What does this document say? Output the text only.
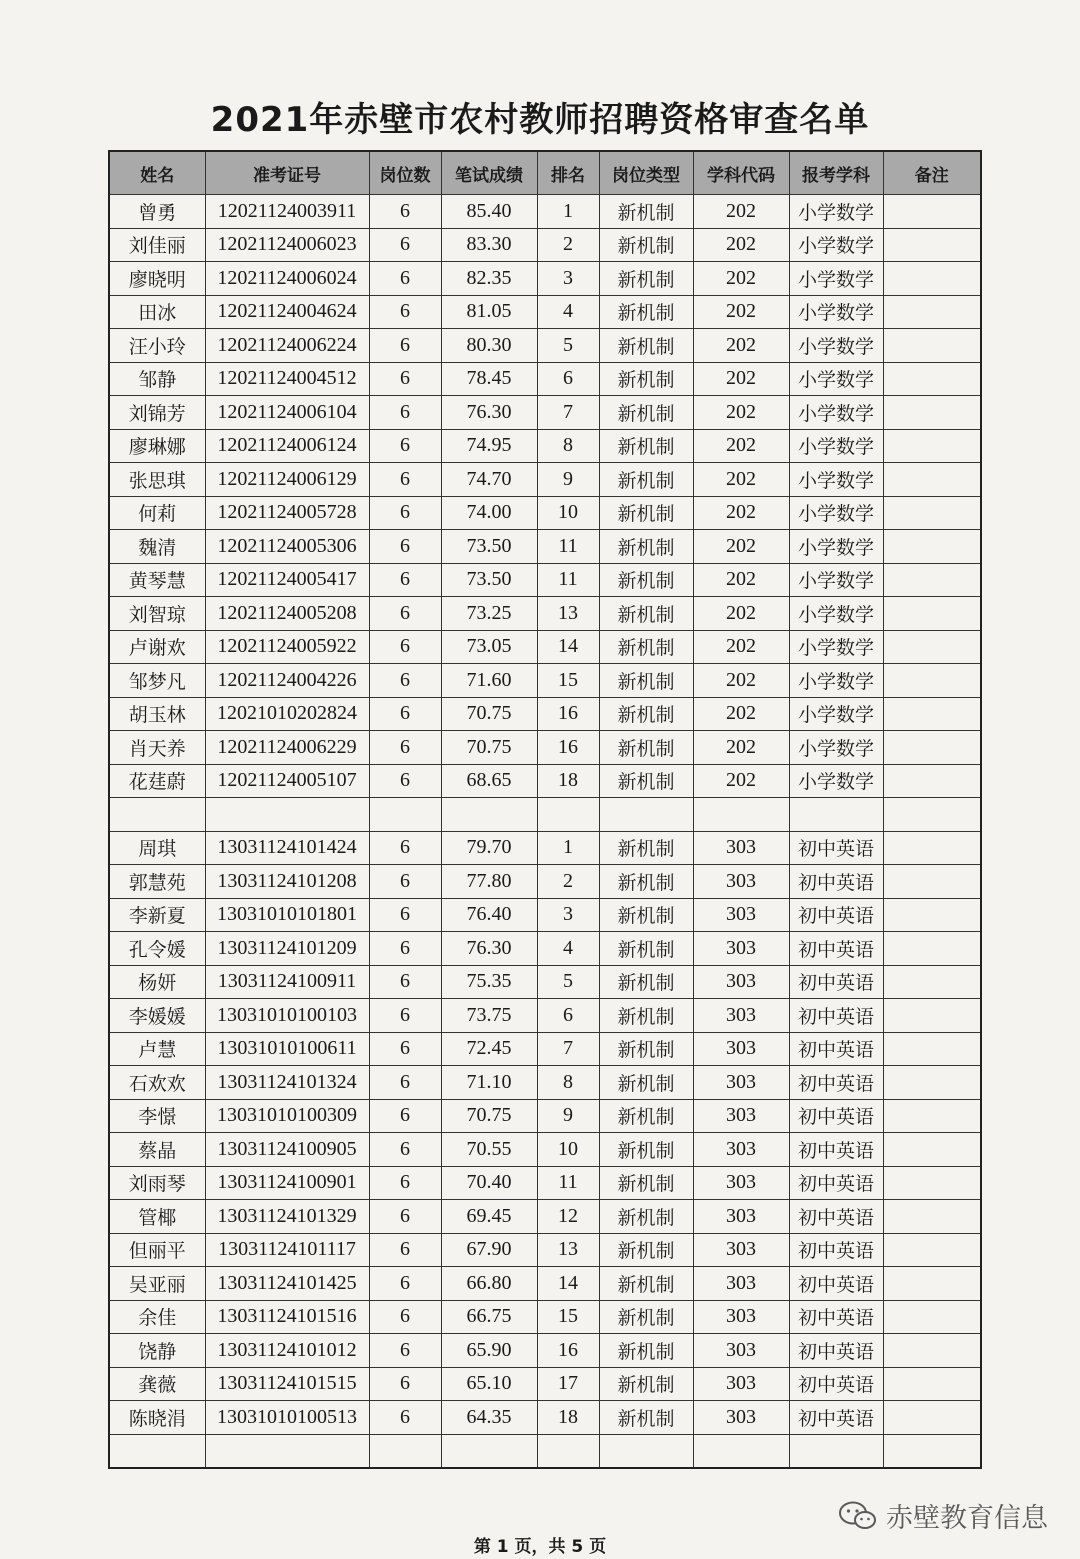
2021年赤壁市农村教师招聘资格审查名单
姓名	准考证号	岗位数	笔试成绩	排名	岗位类型	学科代码	报考学科	备注
曾勇	12021124003911	6	85.40	1	新机制	202	小学数学	
刘佳丽	12021124006023	6	83.30	2	新机制	202	小学数学	
廖晓明	12021124006024	6	82.35	3	新机制	202	小学数学	
田冰	12021124004624	6	81.05	4	新机制	202	小学数学	
汪小玲	12021124006224	6	80.30	5	新机制	202	小学数学	
邹静	12021124004512	6	78.45	6	新机制	202	小学数学	
刘锦芳	12021124006104	6	76.30	7	新机制	202	小学数学	
廖琳娜	12021124006124	6	74.95	8	新机制	202	小学数学	
张思琪	12021124006129	6	74.70	9	新机制	202	小学数学	
何莉	12021124005728	6	74.00	10	新机制	202	小学数学	
魏清	12021124005306	6	73.50	11	新机制	202	小学数学	
黄琴慧	12021124005417	6	73.50	11	新机制	202	小学数学	
刘智琼	12021124005208	6	73.25	13	新机制	202	小学数学	
卢谢欢	12021124005922	6	73.05	14	新机制	202	小学数学	
邹梦凡	12021124004226	6	71.60	15	新机制	202	小学数学	
胡玉林	12021010202824	6	70.75	16	新机制	202	小学数学	
肖天养	12021124006229	6	70.75	16	新机制	202	小学数学	
花莛蔚	12021124005107	6	68.65	18	新机制	202	小学数学	

周琪	13031124101424	6	79.70	1	新机制	303	初中英语	
郭慧苑	13031124101208	6	77.80	2	新机制	303	初中英语	
李新夏	13031010101801	6	76.40	3	新机制	303	初中英语	
孔令媛	13031124101209	6	76.30	4	新机制	303	初中英语	
杨妍	13031124100911	6	75.35	5	新机制	303	初中英语	
李媛媛	13031010100103	6	73.75	6	新机制	303	初中英语	
卢慧	13031010100611	6	72.45	7	新机制	303	初中英语	
石欢欢	13031124101324	6	71.10	8	新机制	303	初中英语	
李憬	13031010100309	6	70.75	9	新机制	303	初中英语	
蔡晶	13031124100905	6	70.55	10	新机制	303	初中英语	
刘雨琴	13031124100901	6	70.40	11	新机制	303	初中英语	
管椰	13031124101329	6	69.45	12	新机制	303	初中英语	
但丽平	13031124101117	6	67.90	13	新机制	303	初中英语	
吴亚丽	13031124101425	6	66.80	14	新机制	303	初中英语	
余佳	13031124101516	6	66.75	15	新机制	303	初中英语	
饶静	13031124101012	6	65.90	16	新机制	303	初中英语	
龚薇	13031124101515	6	65.10	17	新机制	303	初中英语	
陈晓涓	13031010100513	6	64.35	18	新机制	303	初中英语	

第 1 页，共 5 页
赤壁教育信息
